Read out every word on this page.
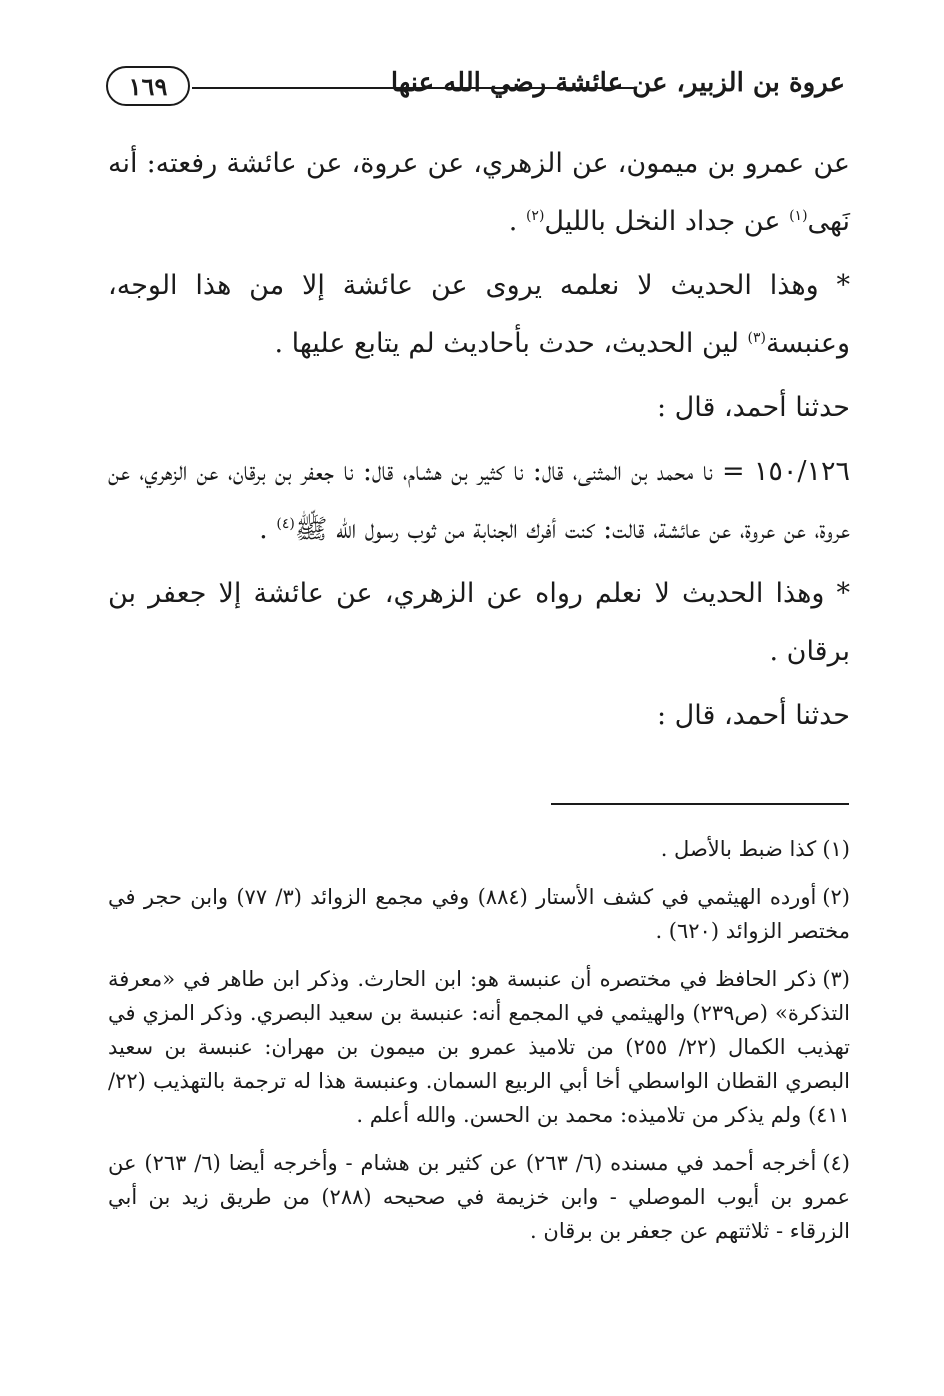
١٦٩	عروة بن الزبير، عن عائشة رضي الله عنها

عن عمرو بن ميمون، عن الزهري، عن عروة، عن عائشة رفعته: أنه نَهى$^{(١)}$ عن جداد النخل بالليل$^{(٢)}$ .

* وهذا الحديث لا نعلمه يروى عن عائشة إلا من هذا الوجه، وعنبسة$^{(٣)}$ لين الحديث، حدث بأحاديث لم يتابع عليها .

حدثنا أحمد، قال :

١٥٠/١٢٦ = نا محمد بن المثنى، قال: نا كثير بن هشام، قال: نا جعفر بن برقان، عن الزهري، عن عروة، عن عروة، عن عائشة، قالت: كنت أفرك الجنابة من ثوب رسول الله ﷺ$^{(٤)}$ .

* وهذا الحديث لا نعلم رواه عن الزهري، عن عائشة إلا جعفر بن برقان .

حدثنا أحمد، قال :

(١)كذا ضبط بالأصل .

(٢)أورده الهيثمي في كشف الأستار (٨٨٤) وفي مجمع الزوائد (٣/ ٧٧) وابن حجر في مختصر الزوائد (٦٢٠) .

(٣)ذكر الحافظ في مختصره أن عنبسة هو: ابن الحارث. وذكر ابن طاهر في «معرفة التذكرة» (ص٢٣٩) والهيثمي في المجمع أنه: عنبسة بن سعيد البصري. وذكر المزي في تهذيب الكمال (٢٢/ ٢٥٥) من تلاميذ عمرو بن ميمون بن مهران: عنبسة بن سعيد البصري القطان الواسطي أخا أبي الربيع السمان. وعنبسة هذا له ترجمة بالتهذيب (٢٢/ ٤١١) ولم يذكر من تلاميذه: محمد بن الحسن. والله أعلم .

(٤)أخرجه أحمد في مسنده (٦/ ٢٦٣) عن كثير بن هشام - وأخرجه أيضا (٦/ ٢٦٣) عن عمرو بن أيوب الموصلي - وابن خزيمة في صحيحه (٢٨٨) من طريق زيد بن أبي الزرقاء - ثلاثتهم عن جعفر بن برقان .
